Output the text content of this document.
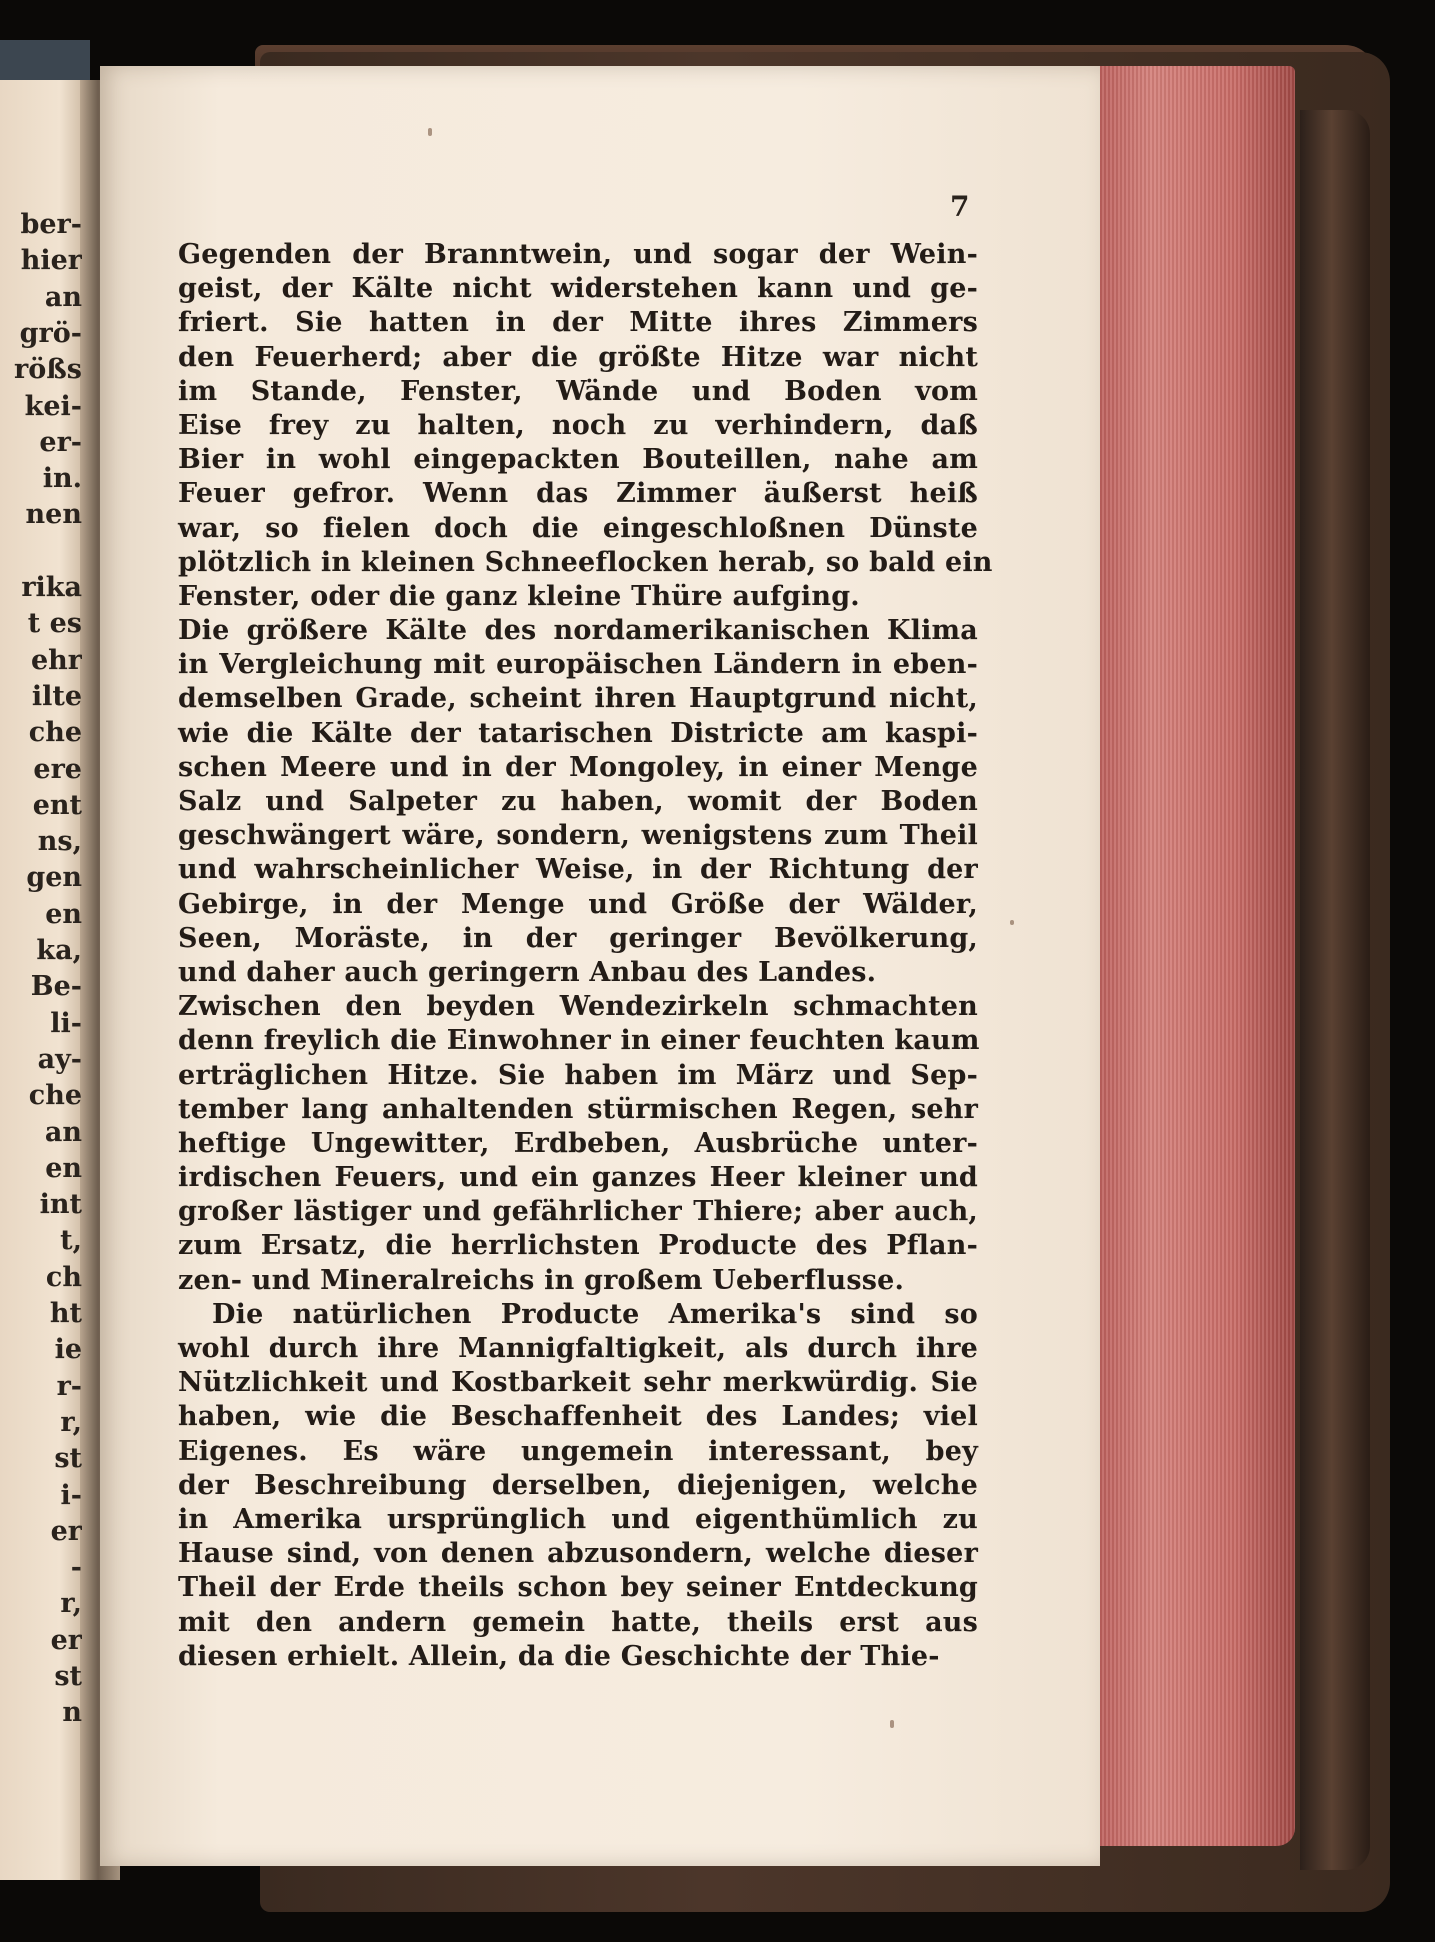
ber-
hier
an
grö-
rößs
kei-
er-
in.
nen
rika
t es
ehr
ilte
che
ere
ent
ns,
gen
en
ka,
Be-
li-
ay-
che
an
en
int
t,
ch
ht
ie
r-
r,
st
i-
er
-
r,
er
st
n
7
Gegenden der Branntwein, und sogar der Wein-
geist, der Kälte nicht widerstehen kann und ge-
friert. Sie hatten in der Mitte ihres Zimmers
den Feuerherd; aber die größte Hitze war nicht
im Stande, Fenster, Wände und Boden vom
Eise frey zu halten, noch zu verhindern, daß
Bier in wohl eingepackten Bouteillen, nahe am
Feuer gefror. Wenn das Zimmer äußerst heiß
war, so fielen doch die eingeschloßnen Dünste
plötzlich in kleinen Schneeflocken herab, so bald ein
Fenster, oder die ganz kleine Thüre aufging.
Die größere Kälte des nordamerikanischen Klima
in Vergleichung mit europäischen Ländern in eben-
demselben Grade, scheint ihren Hauptgrund nicht,
wie die Kälte der tatarischen Districte am kaspi-
schen Meere und in der Mongoley, in einer Menge
Salz und Salpeter zu haben, womit der Boden
geschwängert wäre, sondern, wenigstens zum Theil
und wahrscheinlicher Weise, in der Richtung der
Gebirge, in der Menge und Größe der Wälder,
Seen, Moräste, in der geringer Bevölkerung,
und daher auch geringern Anbau des Landes.
Zwischen den beyden Wendezirkeln schmachten
denn freylich die Einwohner in einer feuchten kaum
erträglichen Hitze. Sie haben im März und Sep-
tember lang anhaltenden stürmischen Regen, sehr
heftige Ungewitter, Erdbeben, Ausbrüche unter-
irdischen Feuers, und ein ganzes Heer kleiner und
großer lästiger und gefährlicher Thiere; aber auch,
zum Ersatz, die herrlichsten Producte des Pflan-
zen- und Mineralreichs in großem Ueberflusse.
Die natürlichen Producte Amerika's sind so
wohl durch ihre Mannigfaltigkeit, als durch ihre
Nützlichkeit und Kostbarkeit sehr merkwürdig. Sie
haben, wie die Beschaffenheit des Landes; viel
Eigenes. Es wäre ungemein interessant, bey
der Beschreibung derselben, diejenigen, welche
in Amerika ursprünglich und eigenthümlich zu
Hause sind, von denen abzusondern, welche dieser
Theil der Erde theils schon bey seiner Entdeckung
mit den andern gemein hatte, theils erst aus
diesen erhielt. Allein, da die Geschichte der Thie-
